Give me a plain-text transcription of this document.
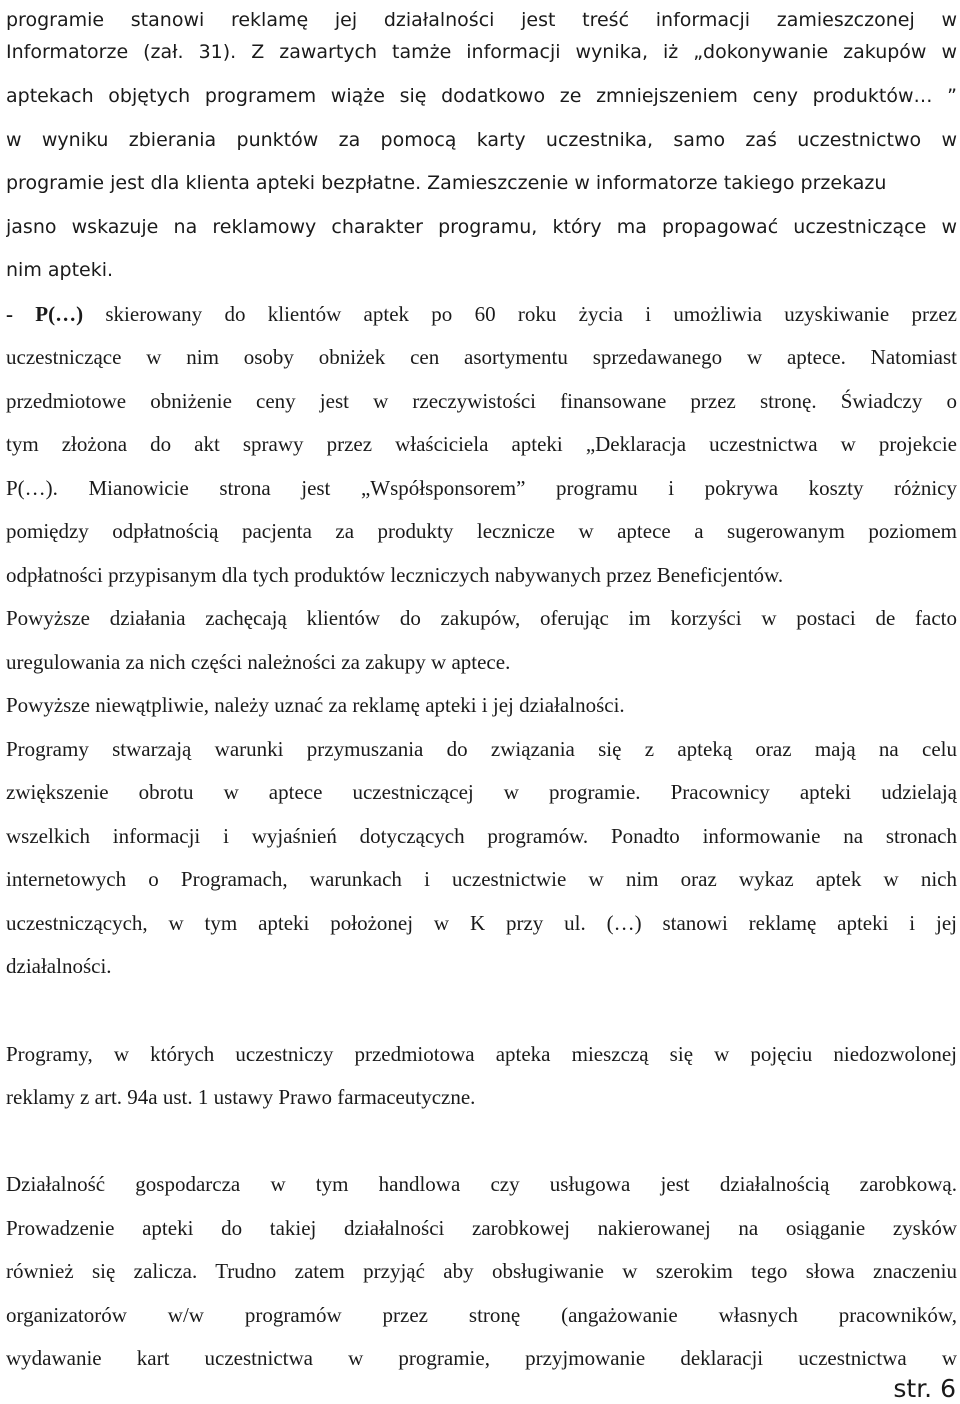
programie stanowi reklamę jej działalności jest treść informacji zamieszczonej w
Informatorze (zał. 31). Z zawartych tamże informacji wynika, iż „dokonywanie zakupów w
aptekach objętych programem wiąże się dodatkowo ze zmniejszeniem ceny produktów… ”
w wyniku zbierania punktów za pomocą karty uczestnika, samo zaś uczestnictwo w
programie jest dla klienta apteki bezpłatne. Zamieszczenie w informatorze takiego przekazu
jasno wskazuje na reklamowy charakter programu, który ma propagować uczestniczące w
nim apteki.
- P(…) skierowany do klientów aptek po 60 roku życia i umożliwia uzyskiwanie przez
uczestniczące w nim osoby obniżek cen asortymentu sprzedawanego w aptece. Natomiast
przedmiotowe obniżenie ceny jest w rzeczywistości finansowane przez stronę. Świadczy o
tym złożona do akt sprawy przez właściciela apteki „Deklaracja uczestnictwa w projekcie
P(…). Mianowicie strona jest „Współsponsorem” programu i pokrywa koszty różnicy
pomiędzy odpłatnością pacjenta za produkty lecznicze w aptece a sugerowanym poziomem
odpłatności przypisanym dla tych produktów leczniczych nabywanych przez Beneficjentów.
Powyższe działania zachęcają klientów do zakupów, oferując im korzyści w postaci de facto
uregulowania za nich części należności za zakupy w aptece.
Powyższe niewątpliwie, należy uznać za reklamę apteki i jej działalności.
Programy stwarzają warunki przymuszania do związania się z apteką oraz mają na celu
zwiększenie obrotu w aptece uczestniczącej w programie. Pracownicy apteki udzielają
wszelkich informacji i wyjaśnień dotyczących programów. Ponadto informowanie na stronach
internetowych o Programach, warunkach i uczestnictwie w nim oraz wykaz aptek w nich
uczestniczących, w tym apteki położonej w K przy ul. (…) stanowi reklamę apteki i jej
działalności.
Programy, w których uczestniczy przedmiotowa apteka mieszczą się w pojęciu niedozwolonej
reklamy z art. 94a ust. 1 ustawy Prawo farmaceutyczne.
Działalność gospodarcza w tym handlowa czy usługowa jest działalnością zarobkową.
Prowadzenie apteki do takiej działalności zarobkowej nakierowanej na osiąganie zysków
również się zalicza. Trudno zatem przyjąć aby obsługiwanie w szerokim tego słowa znaczeniu
organizatorów w/w programów przez stronę (angażowanie własnych pracowników,
wydawanie kart uczestnictwa w programie, przyjmowanie deklaracji uczestnictwa w
str. 6
